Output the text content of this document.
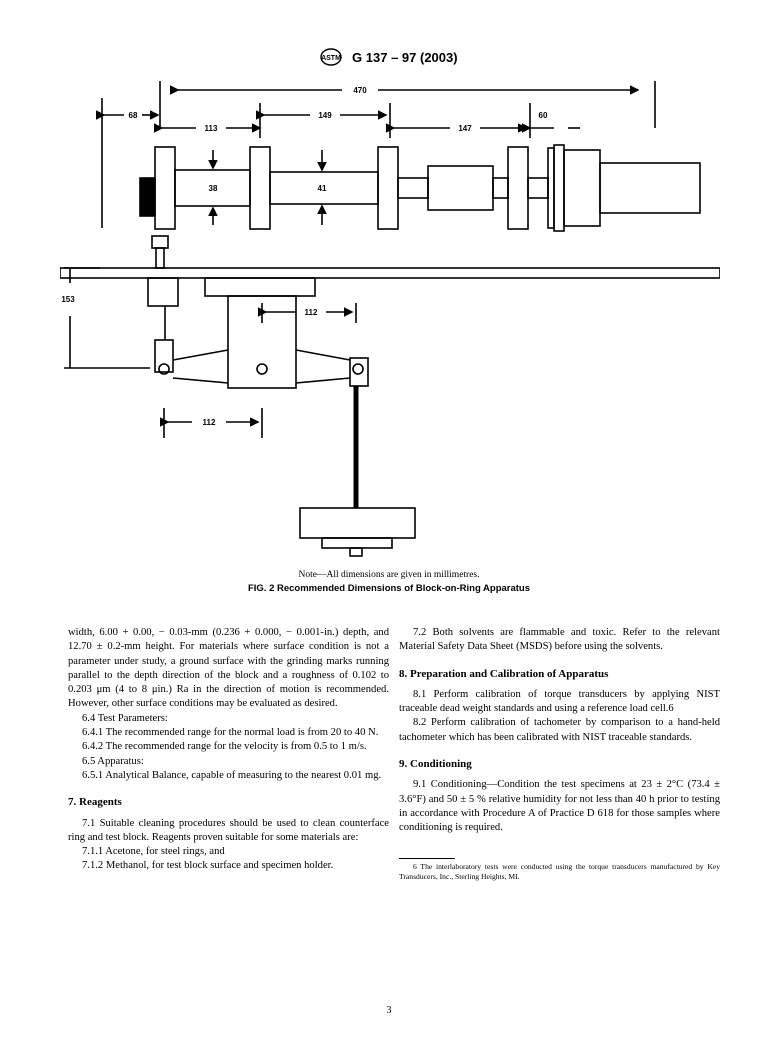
ASTM G 137 – 97 (2003)
470
68
113
149
147
60
38	41
153
112
112
Note—All dimensions are given in millimetres.
FIG. 2 Recommended Dimensions of Block-on-Ring Apparatus

width, 6.00 + 0.00, − 0.03-mm (0.236 + 0.000, − 0.001-in.) depth, and 12.70 ± 0.2-mm height. For materials where surface condition is not a parameter under study, a ground surface with the grinding marks running parallel to the depth direction of the block and a roughness of 0.102 to 0.203 μm (4 to 8 μin.) Ra in the direction of motion is recommended. However, other surface conditions may be evaluated as desired.

6.4 Test Parameters:

6.4.1 The recommended range for the normal load is from 20 to 40 N.

6.4.2 The recommended range for the velocity is from 0.5 to 1 m/s.

6.5 Apparatus:

6.5.1 Analytical Balance, capable of measuring to the nearest 0.01 mg.

7. Reagents

7.1 Suitable cleaning procedures should be used to clean counterface ring and test block. Reagents proven suitable for some materials are:

7.1.1 Acetone, for steel rings, and

7.1.2 Methanol, for test block surface and specimen holder.

7.2 Both solvents are flammable and toxic. Refer to the relevant Material Safety Data Sheet (MSDS) before using the solvents.

8. Preparation and Calibration of Apparatus

8.1 Perform calibration of torque transducers by applying NIST traceable dead weight standards and using a reference load cell.6

8.2 Perform calibration of tachometer by comparison to a hand-held tachometer which has been calibrated with NIST traceable standards.

9. Conditioning

9.1 Conditioning—Condition the test specimens at 23 ± 2°C (73.4 ± 3.6°F) and 50 ± 5 % relative humidity for not less than 40 h prior to testing in accordance with Procedure A of Practice D 618 for those samples where conditioning is required.

6 The interlaboratory tests were conducted using the torque transducers manufactured by Key Transducers, Inc., Sterling Heights, MI.

3
